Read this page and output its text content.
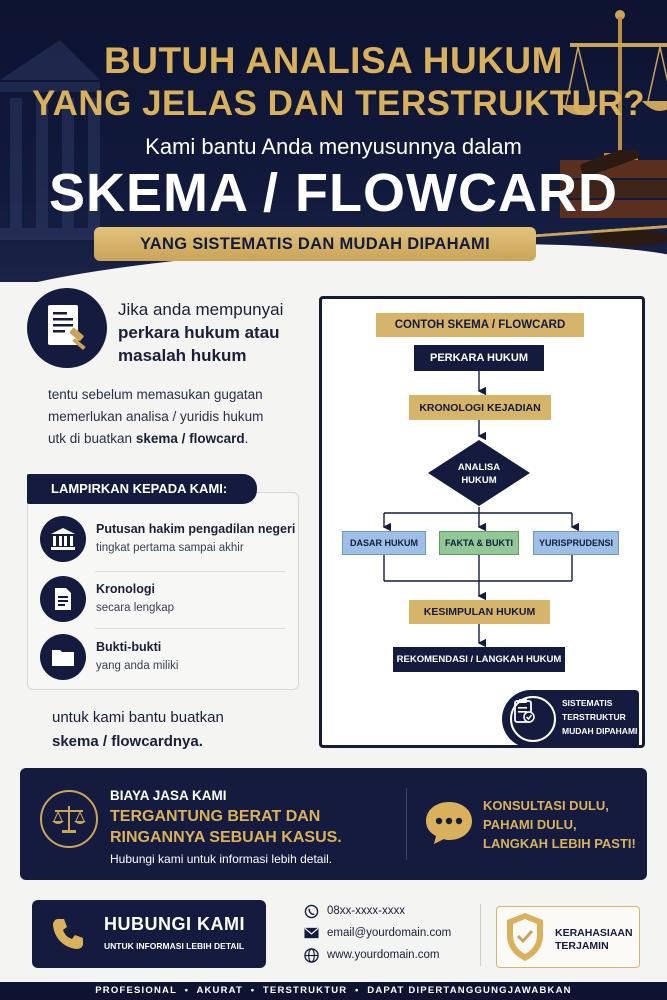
BUTUH ANALISA HUKUM
YANG JELAS DAN TERSTRUKTUR?
Kami bantu Anda menyusunnya dalam
SKEMA / FLOWCARD
YANG SISTEMATIS DAN MUDAH DIPAHAMI
Jika anda mempunyai
perkara hukum atau
masalah hukum
tentu sebelum memasukan gugatan
memerlukan analisa / yuridis hukum
utk di buatkan skema / flowcard.
LAMPIRKAN KEPADA KAMI:
Putusan hakim pengadilan negeri
tingkat pertama sampai akhir
Kronologi
secara lengkap
Bukti-bukti
yang anda miliki
untuk kami bantu buatkan
skema / flowcardnya.
CONTOH SKEMA / FLOWCARD
PERKARA HUKUM
KRONOLOGI KEJADIAN
ANALISA
HUKUM
DASAR HUKUM	FAKTA & BUKTI	YURISPRUDENSI
KESIMPULAN HUKUM
REKOMENDASI / LANGKAH HUKUM
SISTEMATIS
TERSTRUKTUR
MUDAH DIPAHAMI
BIAYA JASA KAMI
TERGANTUNG BERAT DAN RINGANNYA SEBUAH KASUS.
Hubungi kami untuk informasi lebih detail.
KONSULTASI DULU,
PAHAMI DULU,
LANGKAH LEBIH PASTI!
HUBUNGI KAMI
UNTUK INFORMASI LEBIH DETAIL
08xx-xxxx-xxxx
email@yourdomain.com
www.yourdomain.com
KERAHASIAAN
TERJAMIN
PROFESIONAL  •  AKURAT  •  TERSTRUKTUR  •  DAPAT DIPERTANGGUNGJAWABKAN
